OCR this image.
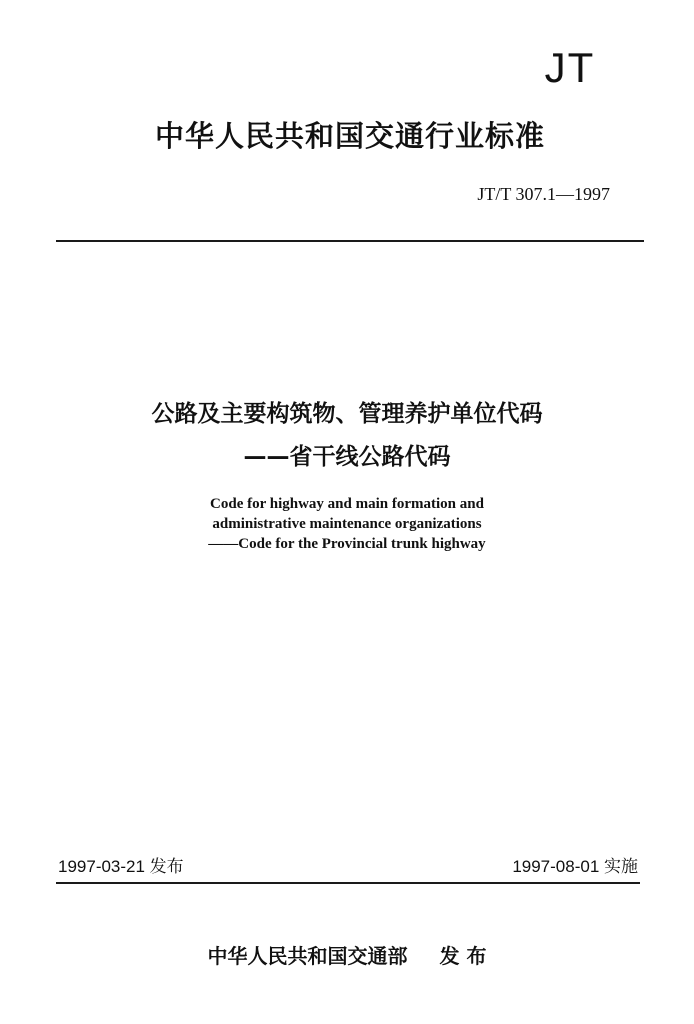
JT
中华人民共和国交通行业标准
JT/T 307.1—1997
公路及主要构筑物、管理养护单位代码
——省干线公路代码
Code for highway and main formation and
administrative maintenance organizations
——Code for the Provincial trunk highway
1997-03-21 发布	1997-08-01 实施
中华人民共和国交通部 发 布
